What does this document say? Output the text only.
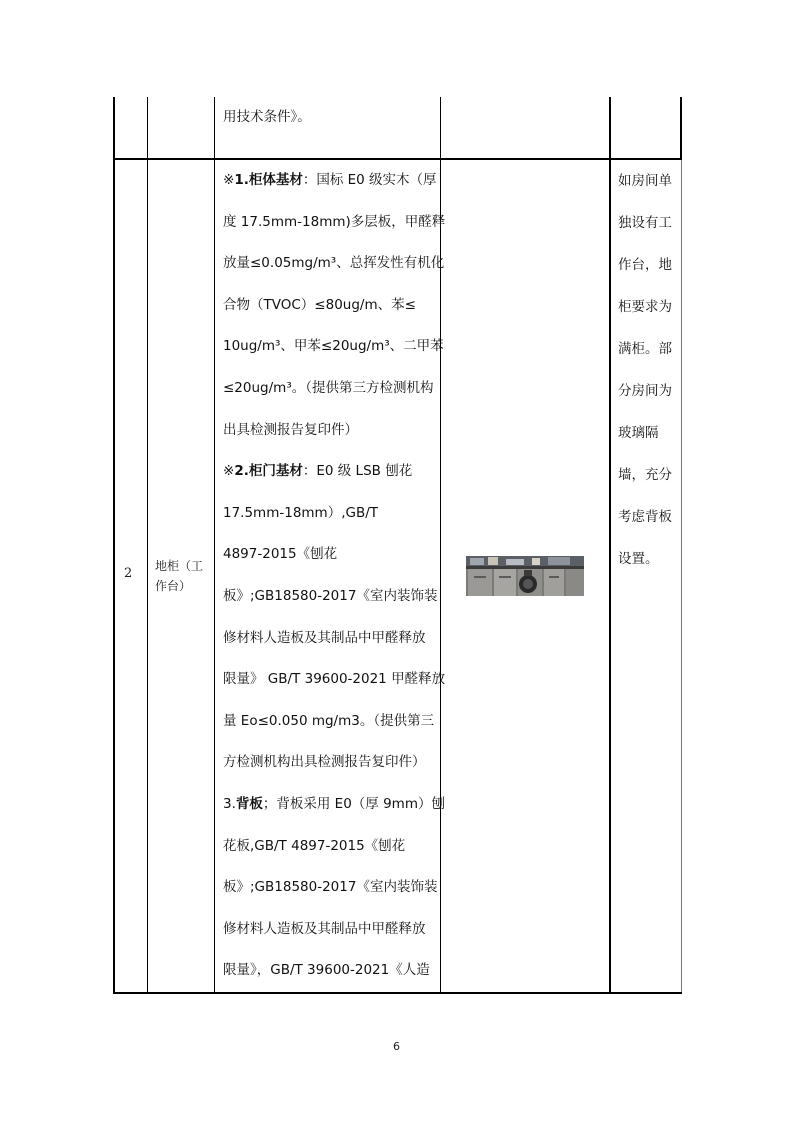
用技术条件》。
2 地柜（工
作台）
※1.柜体基材：国标 E0 级实木（厚
度 17.5mm-18mm)多层板，甲醛释
放量≤0.05mg/m³、总挥发性有机化
合物（TVOC）≤80ug/m、苯≤
10ug/m³、甲苯≤20ug/m³、二甲苯
≤20ug/m³。（提供第三方检测机构
出具检测报告复印件）
※2.柜门基材：E0 级 LSB 刨花
17.5mm-18mm）,GB/T
4897-2015《刨花
板》;GB18580-2017《室内装饰装
修材料人造板及其制品中甲醛释放
限量》 GB/T 39600-2021 甲醛释放
量 Eo≤0.050 mg/m3。（提供第三
方检测机构出具检测报告复印件）
3.背板；背板采用 E0（厚 9mm）刨
花板,GB/T 4897-2015《刨花
板》;GB18580-2017《室内装饰装
修材料人造板及其制品中甲醛释放
限量》，GB/T 39600-2021《人造
如房间单
独设有工
作台，地
柜要求为
满柜。部
分房间为
玻璃隔
墙，充分
考虑背板
设置。
6
